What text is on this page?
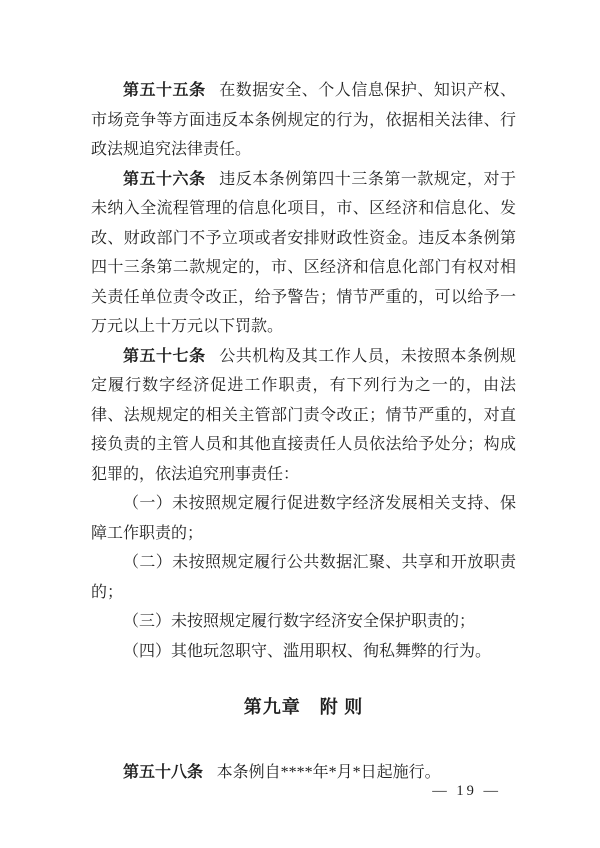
第五十五条 在数据安全、个人信息保护、知识产权、市场竞争等方面违反本条例规定的行为，依据相关法律、行政法规追究法律责任。

第五十六条 违反本条例第四十三条第一款规定，对于未纳入全流程管理的信息化项目，市、区经济和信息化、发改、财政部门不予立项或者安排财政性资金。违反本条例第四十三条第二款规定的，市、区经济和信息化部门有权对相关责任单位责令改正，给予警告；情节严重的，可以给予一万元以上十万元以下罚款。

第五十七条 公共机构及其工作人员，未按照本条例规定履行数字经济促进工作职责，有下列行为之一的，由法律、法规规定的相关主管部门责令改正；情节严重的，对直接负责的主管人员和其他直接责任人员依法给予处分；构成犯罪的，依法追究刑事责任：

（一）未按照规定履行促进数字经济发展相关支持、保障工作职责的；

（二）未按照规定履行公共数据汇聚、共享和开放职责的；

（三）未按照规定履行数字经济安全保护职责的；

（四）其他玩忽职守、滥用职权、徇私舞弊的行为。

第九章　附 则

第五十八条 本条例自****年*月*日起施行。

— 19 —
